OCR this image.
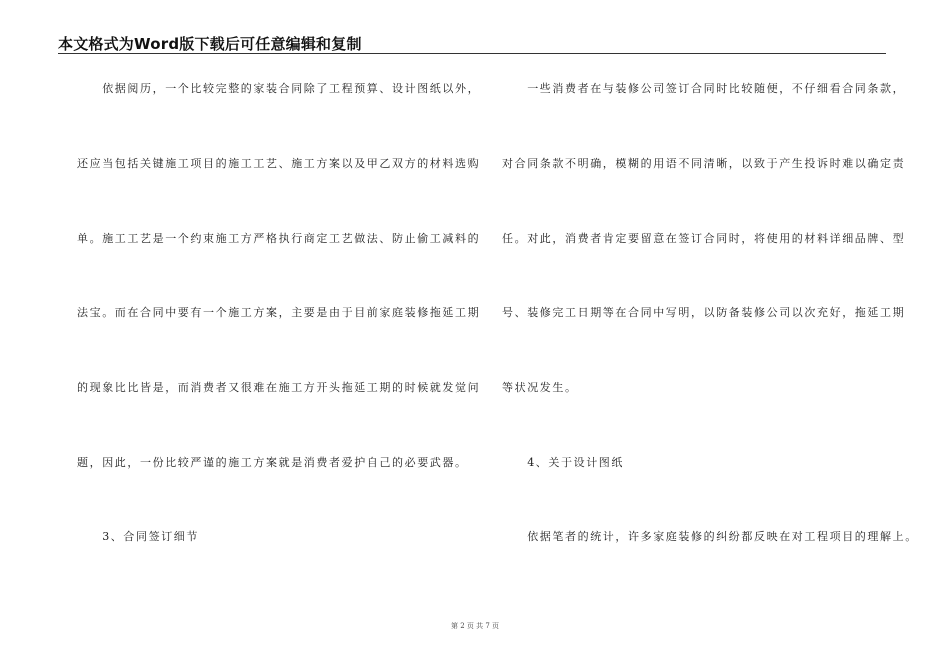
本文格式为Word版下载后可任意编辑和复制
　　依据阅历，一个比较完整的家装合同除了工程预算、设计图纸以外，
还应当包括关键施工项目的施工工艺、施工方案以及甲乙双方的材料选购
单。施工工艺是一个约束施工方严格执行商定工艺做法、防止偷工减料的
法宝。而在合同中要有一个施工方案，主要是由于目前家庭装修拖延工期
的现象比比皆是，而消费者又很难在施工方开头拖延工期的时候就发觉问
题，因此，一份比较严谨的施工方案就是消费者爱护自己的必要武器。
　　3、合同签订细节
　　一些消费者在与装修公司签订合同时比较随便，不仔细看合同条款，
对合同条款不明确，模糊的用语不同清晰，以致于产生投诉时难以确定责
任。对此，消费者肯定要留意在签订合同时，将使用的材料详细品牌、型
号、装修完工日期等在合同中写明，以防备装修公司以次充好，拖延工期
等状况发生。
　　4、关于设计图纸
　　依据笔者的统计，许多家庭装修的纠纷都反映在对工程项目的理解上。
第 2 页 共 7 页
